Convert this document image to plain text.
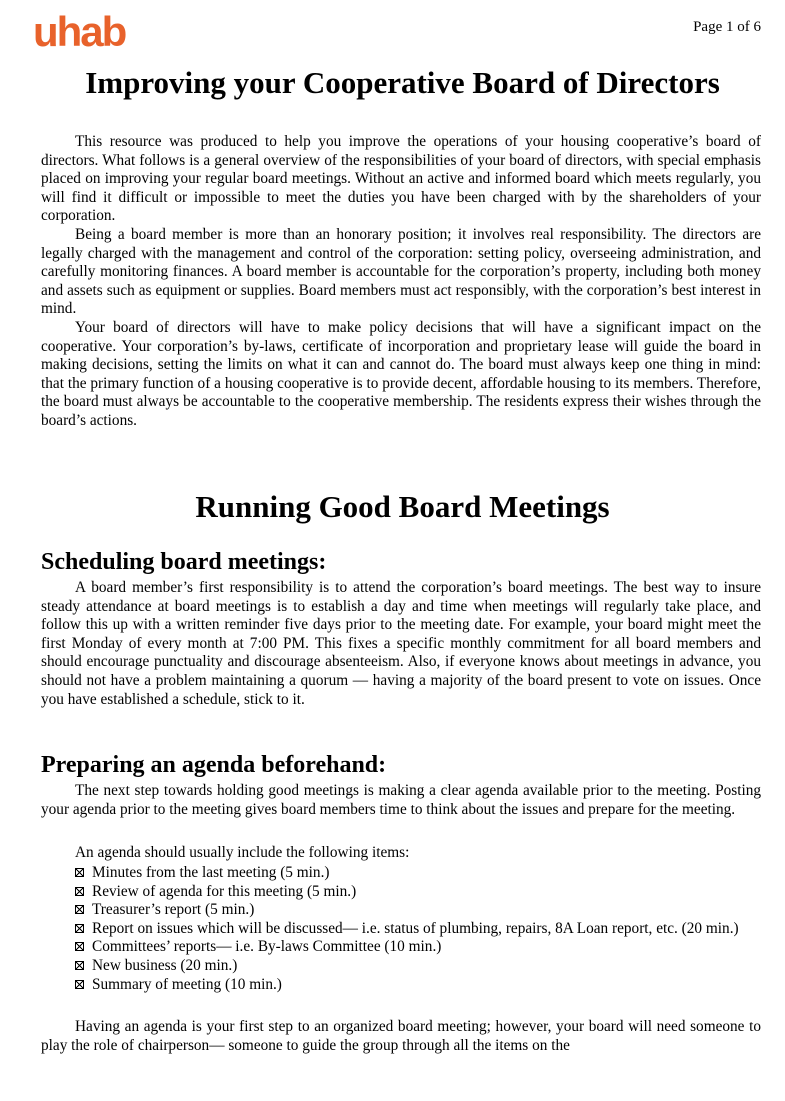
uhab	Page 1 of 6
Improving your Cooperative Board of Directors

This resource was produced to help you improve the operations of your housing cooperative’s board of directors. What follows is a general overview of the responsibilities of your board of directors, with special emphasis placed on improving your regular board meetings. Without an active and informed board which meets regularly, you will find it difficult or impossible to meet the duties you have been charged with by the shareholders of your corporation.

Being a board member is more than an honorary position; it involves real responsibility. The directors are legally charged with the management and control of the corporation: setting policy, overseeing administration, and carefully monitoring finances. A board member is accountable for the corporation’s property, including both money and assets such as equipment or supplies. Board members must act responsibly, with the corporation’s best interest in mind.

Your board of directors will have to make policy decisions that will have a significant impact on the cooperative. Your corporation’s by-laws, certificate of incorporation and proprietary lease will guide the board in making decisions, setting the limits on what it can and cannot do. The board must always keep one thing in mind: that the primary function of a housing cooperative is to provide decent, affordable housing to its members. Therefore, the board must always be accountable to the cooperative membership. The residents express their wishes through the board’s actions.

Running Good Board Meetings
Scheduling board meetings:

A board member’s first responsibility is to attend the corporation’s board meetings. The best way to insure steady attendance at board meetings is to establish a day and time when meetings will regularly take place, and follow this up with a written reminder five days prior to the meeting date. For example, your board might meet the first Monday of every month at 7:00 PM. This fixes a specific monthly commitment for all board members and should encourage punctuality and discourage absenteeism. Also, if everyone knows about meetings in advance, you should not have a problem maintaining a quorum — having a majority of the board present to vote on issues. Once you have established a schedule, stick to it.

Preparing an agenda beforehand:

The next step towards holding good meetings is making a clear agenda available prior to the meeting. Posting your agenda prior to the meeting gives board members time to think about the issues and prepare for the meeting.

An agenda should usually include the following items:
Minutes from the last meeting (5 min.)
Review of agenda for this meeting (5 min.)
Treasurer’s report (5 min.)
Report on issues which will be discussed— i.e. status of plumbing, repairs, 8A Loan report, etc. (20 min.)
Committees’ reports— i.e. By-laws Committee (10 min.)
New business (20 min.)
Summary of meeting (10 min.)

Having an agenda is your first step to an organized board meeting; however, your board will need someone to play the role of chairperson— someone to guide the group through all the items on the
